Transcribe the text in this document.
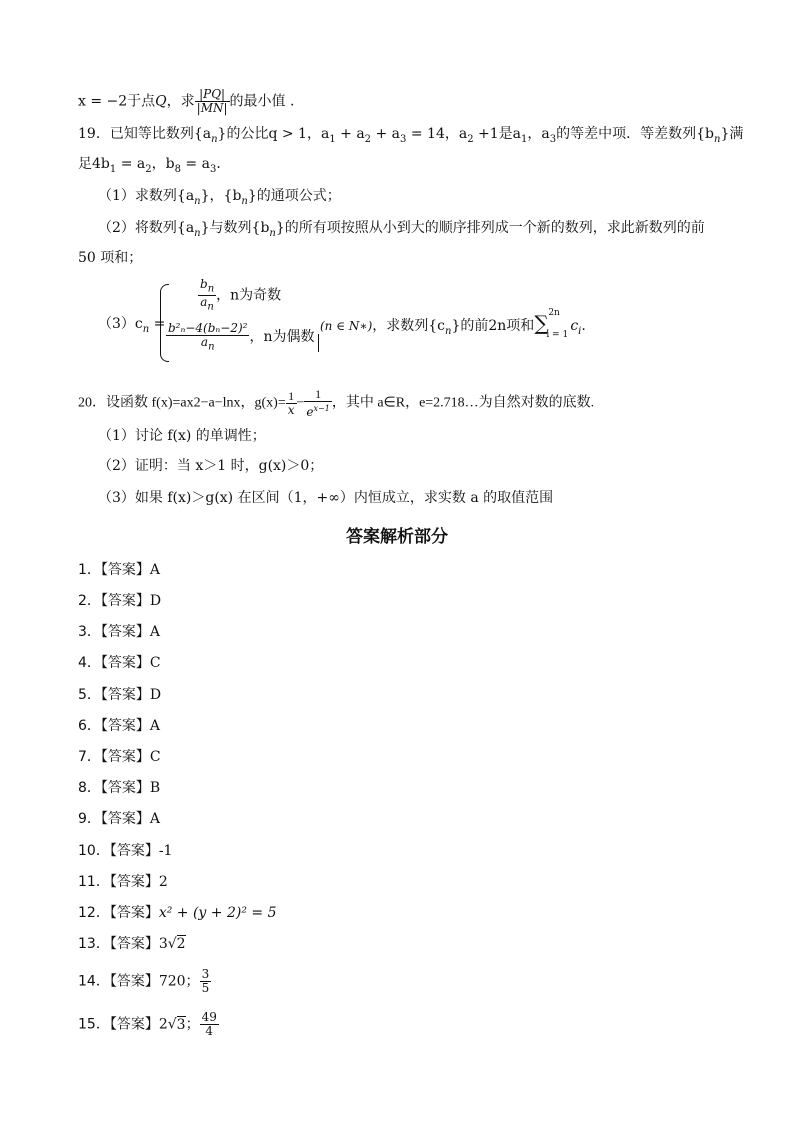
x = −2于点Q，求 $\frac{|PQ|}{|MN|}$ 的最小值 .
19．已知等比数列$\{a_n\}$的公比q > 1，$a_1 + a_2 + a_3 = 14$，$a_2 +1$是$a_1$，$a_3$的等差中项．等差数列$\{b_n\}$满
足$4b_1 = a_2$，$b_8 = a_3$．
（1）求数列$\{a_n\}$，$\{b_n\}$的通项公式；
（2）将数列$\{a_n\}$与数列$\{b_n\}$的所有项按照从小到大的顺序排列成一个新的数列，求此新数列的前
50 项和；
$(3)c_n$ =
$\frac{b_n}{a_n}$ ，n为奇数
$\frac{\text{b²ₙ−4(bₙ−2)²}}{a_n}$ ，n为偶数
(n ∈ N∗)，求数列$\{c_n\}$的前2n项和∑ 2n
i = 1
$c_i$.
20．设函数 f(x)=ax2−a−lnx，$g(x)= \frac{1}{x} - \frac{1}{e^{x-1}}$ ，其中 a∈R，e=2.718…为自然对数的底数.
（1）讨论 f(x) 的单调性；
（2）证明：当 x＞1 时，g(x)＞0；
（3）如果 f(x)＞g(x) 在区间（1，+∞）内恒成立，求实数 a 的取值范围
答案解析部分
1．【答案】A
2．【答案】D
3．【答案】A
4．【答案】C
5．【答案】D
6．【答案】A
7．【答案】C
8．【答案】B
9．【答案】A
10．【答案】-1
11．【答案】2
12．【答案】x² + (y + 2)² = 5
13．【答案】3√2
14．【答案】720； $\frac{3}{5}$
15．【答案】2√3； $\frac{49}{4}$
